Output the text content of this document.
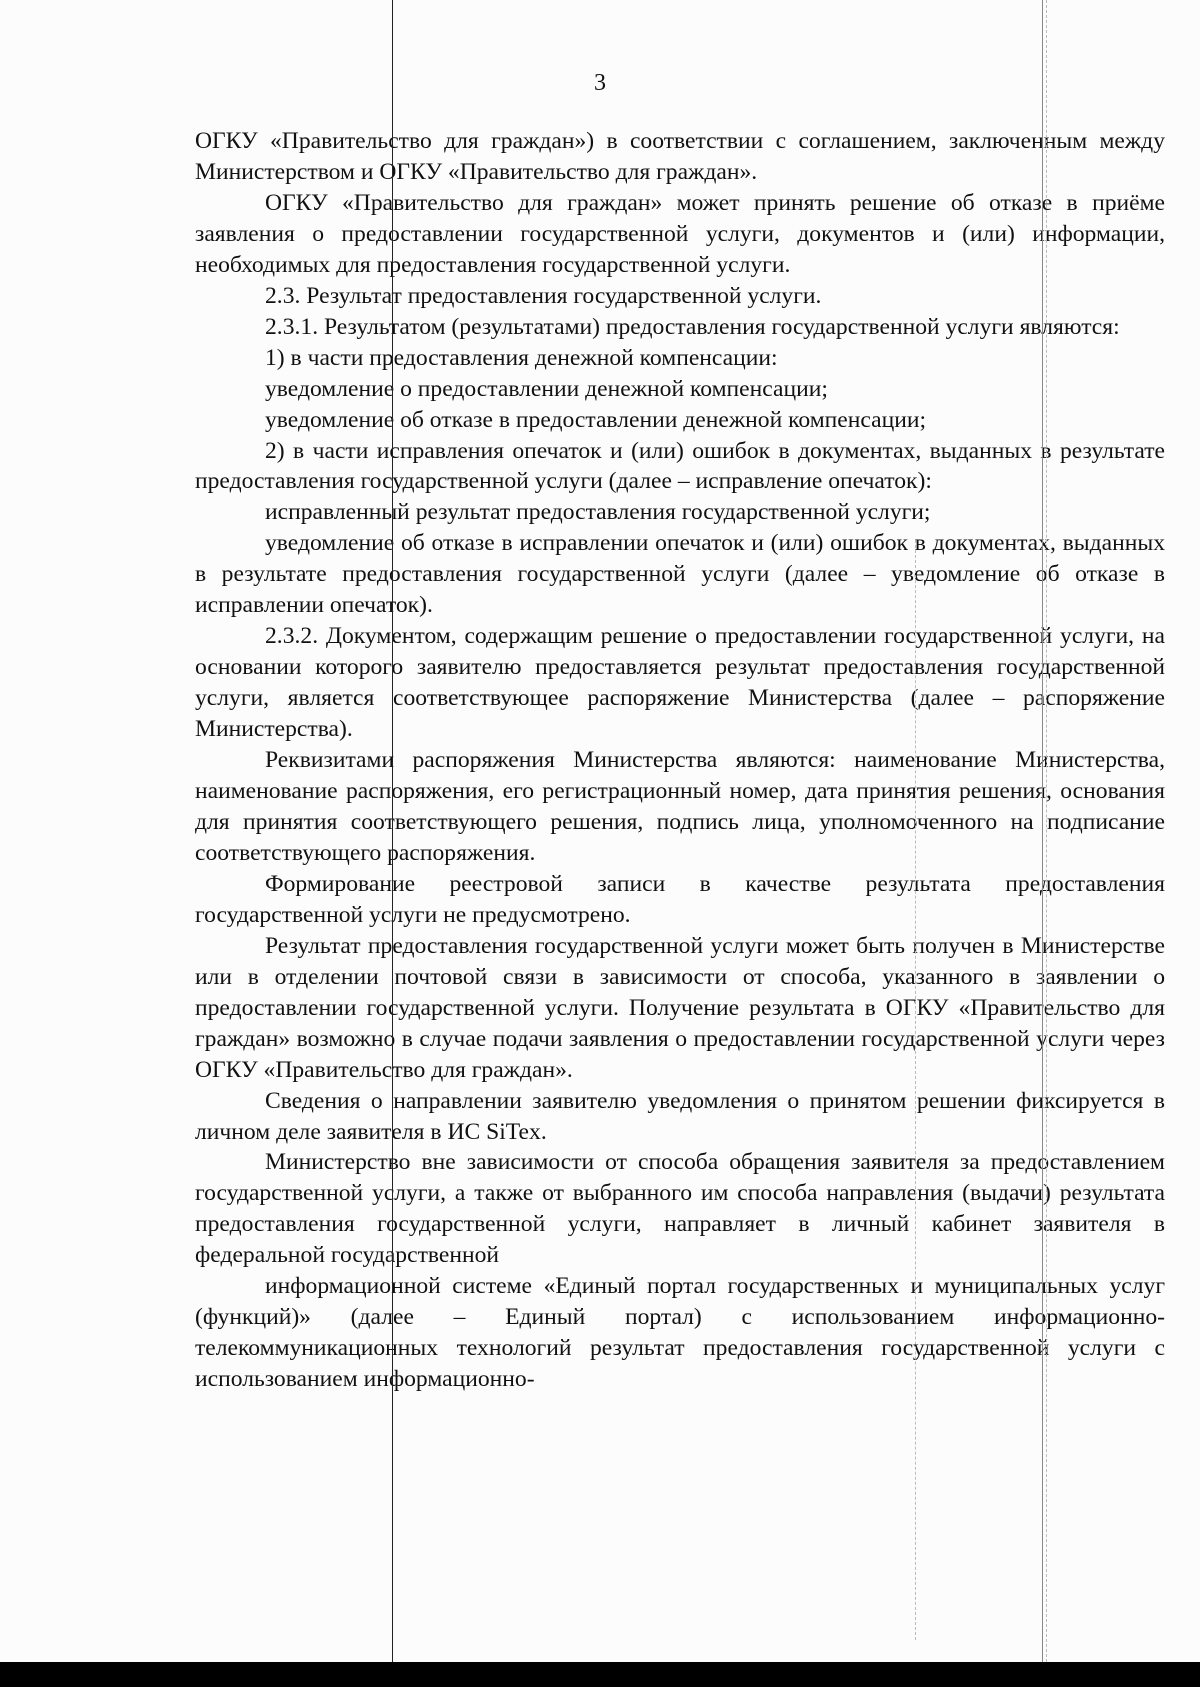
3

ОГКУ «Правительство для граждан») в соответствии с соглашением, заключенным между Министерством и ОГКУ «Правительство для граждан».

ОГКУ «Правительство для граждан» может принять решение об отказе в приёме заявления о предоставлении государственной услуги, документов и (или) информации, необходимых для предоставления государственной услуги.

2.3. Результат предоставления государственной услуги.

2.3.1. Результатом (результатами) предоставления государственной услуги являются:

1) в части предоставления денежной компенсации:

уведомление о предоставлении денежной компенсации;

уведомление об отказе в предоставлении денежной компенсации;

2) в части исправления опечаток и (или) ошибок в документах, выданных в результате предоставления государственной услуги (далее – исправление опечаток):

исправленный результат предоставления государственной услуги;

уведомление об отказе в исправлении опечаток и (или) ошибок в документах, выданных в результате предоставления государственной услуги (далее – уведомление об отказе в исправлении опечаток).

2.3.2. Документом, содержащим решение о предоставлении государственной услуги, на основании которого заявителю предоставляется результат предоставления государственной услуги, является соответствующее распоряжение Министерства (далее – распоряжение Министерства).

Реквизитами распоряжения Министерства являются: наименование Министерства, наименование распоряжения, его регистрационный номер, дата принятия решения, основания для принятия соответствующего решения, подпись лица, уполномоченного на подписание соответствующего распоряжения.

Формирование реестровой записи в качестве результата предоставления государственной услуги не предусмотрено.

Результат предоставления государственной услуги может быть получен в Министерстве или в отделении почтовой связи в зависимости от способа, указанного в заявлении о предоставлении государственной услуги. Получение результата в ОГКУ «Правительство для граждан» возможно в случае подачи заявления о предоставлении государственной услуги через ОГКУ «Правительство для граждан».

Сведения о направлении заявителю уведомления о принятом решении фиксируется в личном деле заявителя в ИС SiTex.

Министерство вне зависимости от способа обращения заявителя за предоставлением государственной услуги, а также от выбранного им способа направления (выдачи) результата предоставления государственной услуги, направляет в личный кабинет заявителя в федеральной государственной

информационной системе «Единый портал государственных и муниципальных услуг (функций)» (далее – Единый портал) с использованием информационно-телекоммуникационных технологий результат предоставления государственной услуги с использованием информационно-
